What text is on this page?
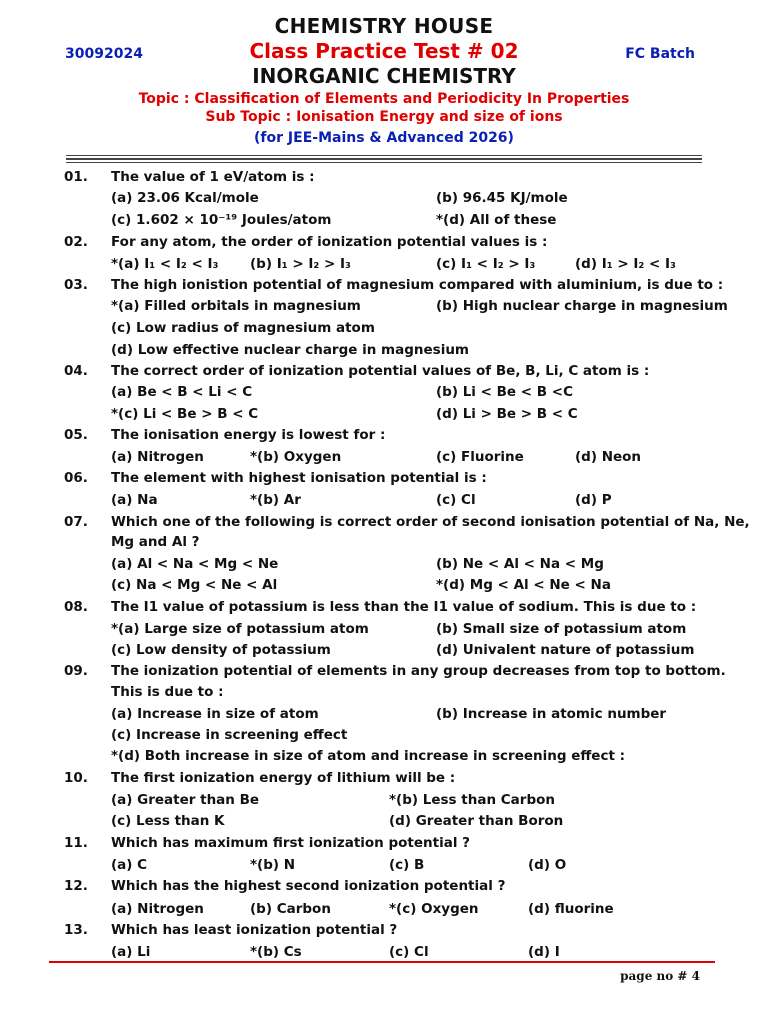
CHEMISTRY HOUSE
30092024	Class Practice Test # 02	FC Batch
INORGANIC CHEMISTRY
Topic : Classification of Elements and Periodicity In Properties
Sub Topic : Ionisation Energy and size of ions
(for JEE-Mains & Advanced 2026)
01. The value of 1 eV/atom is :
(a) 23.06 Kcal/mole	(b) 96.45 KJ/mole
(c) 1.602 × 10⁻¹⁹ Joules/atom	*(d) All of these
02. For any atom, the order of ionization potential values is :
*(a) I₁ < I₂ < I₃ (b) I₁ > I₂ > I₃	(c) I₁ < I₂ > I₃	(d) I₁ > I₂ < I₃
03. The high ionistion potential of magnesium compared with aluminium, is due to :
*(a) Filled orbitals in magnesium	(b) High nuclear charge in magnesium
(c) Low radius of magnesium atom
(d) Low effective nuclear charge in magnesium
04. The correct order of ionization potential values of Be, B, Li, C atom is :
(a) Be < B < Li < C	(b) Li < Be < B <C
*(c) Li < Be > B < C	(d) Li > Be > B < C
05. The ionisation energy is lowest for :
(a) Nitrogen	*(b) Oxygen	(c) Fluorine	(d) Neon
06. The element with highest ionisation potential is :
(a) Na	*(b) Ar	(c) Cl	(d) P
07. Which one of the following is correct order of second ionisation potential of Na, Ne,
Mg and Al ?
(a) Al < Na < Mg < Ne	(b) Ne < Al < Na < Mg
(c) Na < Mg < Ne < Al	*(d) Mg < Al < Ne < Na
08. The I1 value of potassium is less than the I1 value of sodium. This is due to :
*(a) Large size of potassium atom	(b) Small size of potassium atom
(c) Low density of potassium	(d) Univalent nature of potassium
09. The ionization potential of elements in any group decreases from top to bottom.
This is due to :
(a) Increase in size of atom	(b) Increase in atomic number
(c) Increase in screening effect
*(d) Both increase in size of atom and increase in screening effect :
10. The first ionization energy of lithium will be :
(a) Greater than Be	*(b) Less than Carbon
(c) Less than K	(d) Greater than Boron
11. Which has maximum first ionization potential ?
(a) C	*(b) N	(c) B	(d) O
12. Which has the highest second ionization potential ?
(a) Nitrogen	(b) Carbon	*(c) Oxygen	(d) fluorine
13. Which has least ionization potential ?
(a) Li	*(b) Cs	(c) Cl	(d) I
page no # 4
